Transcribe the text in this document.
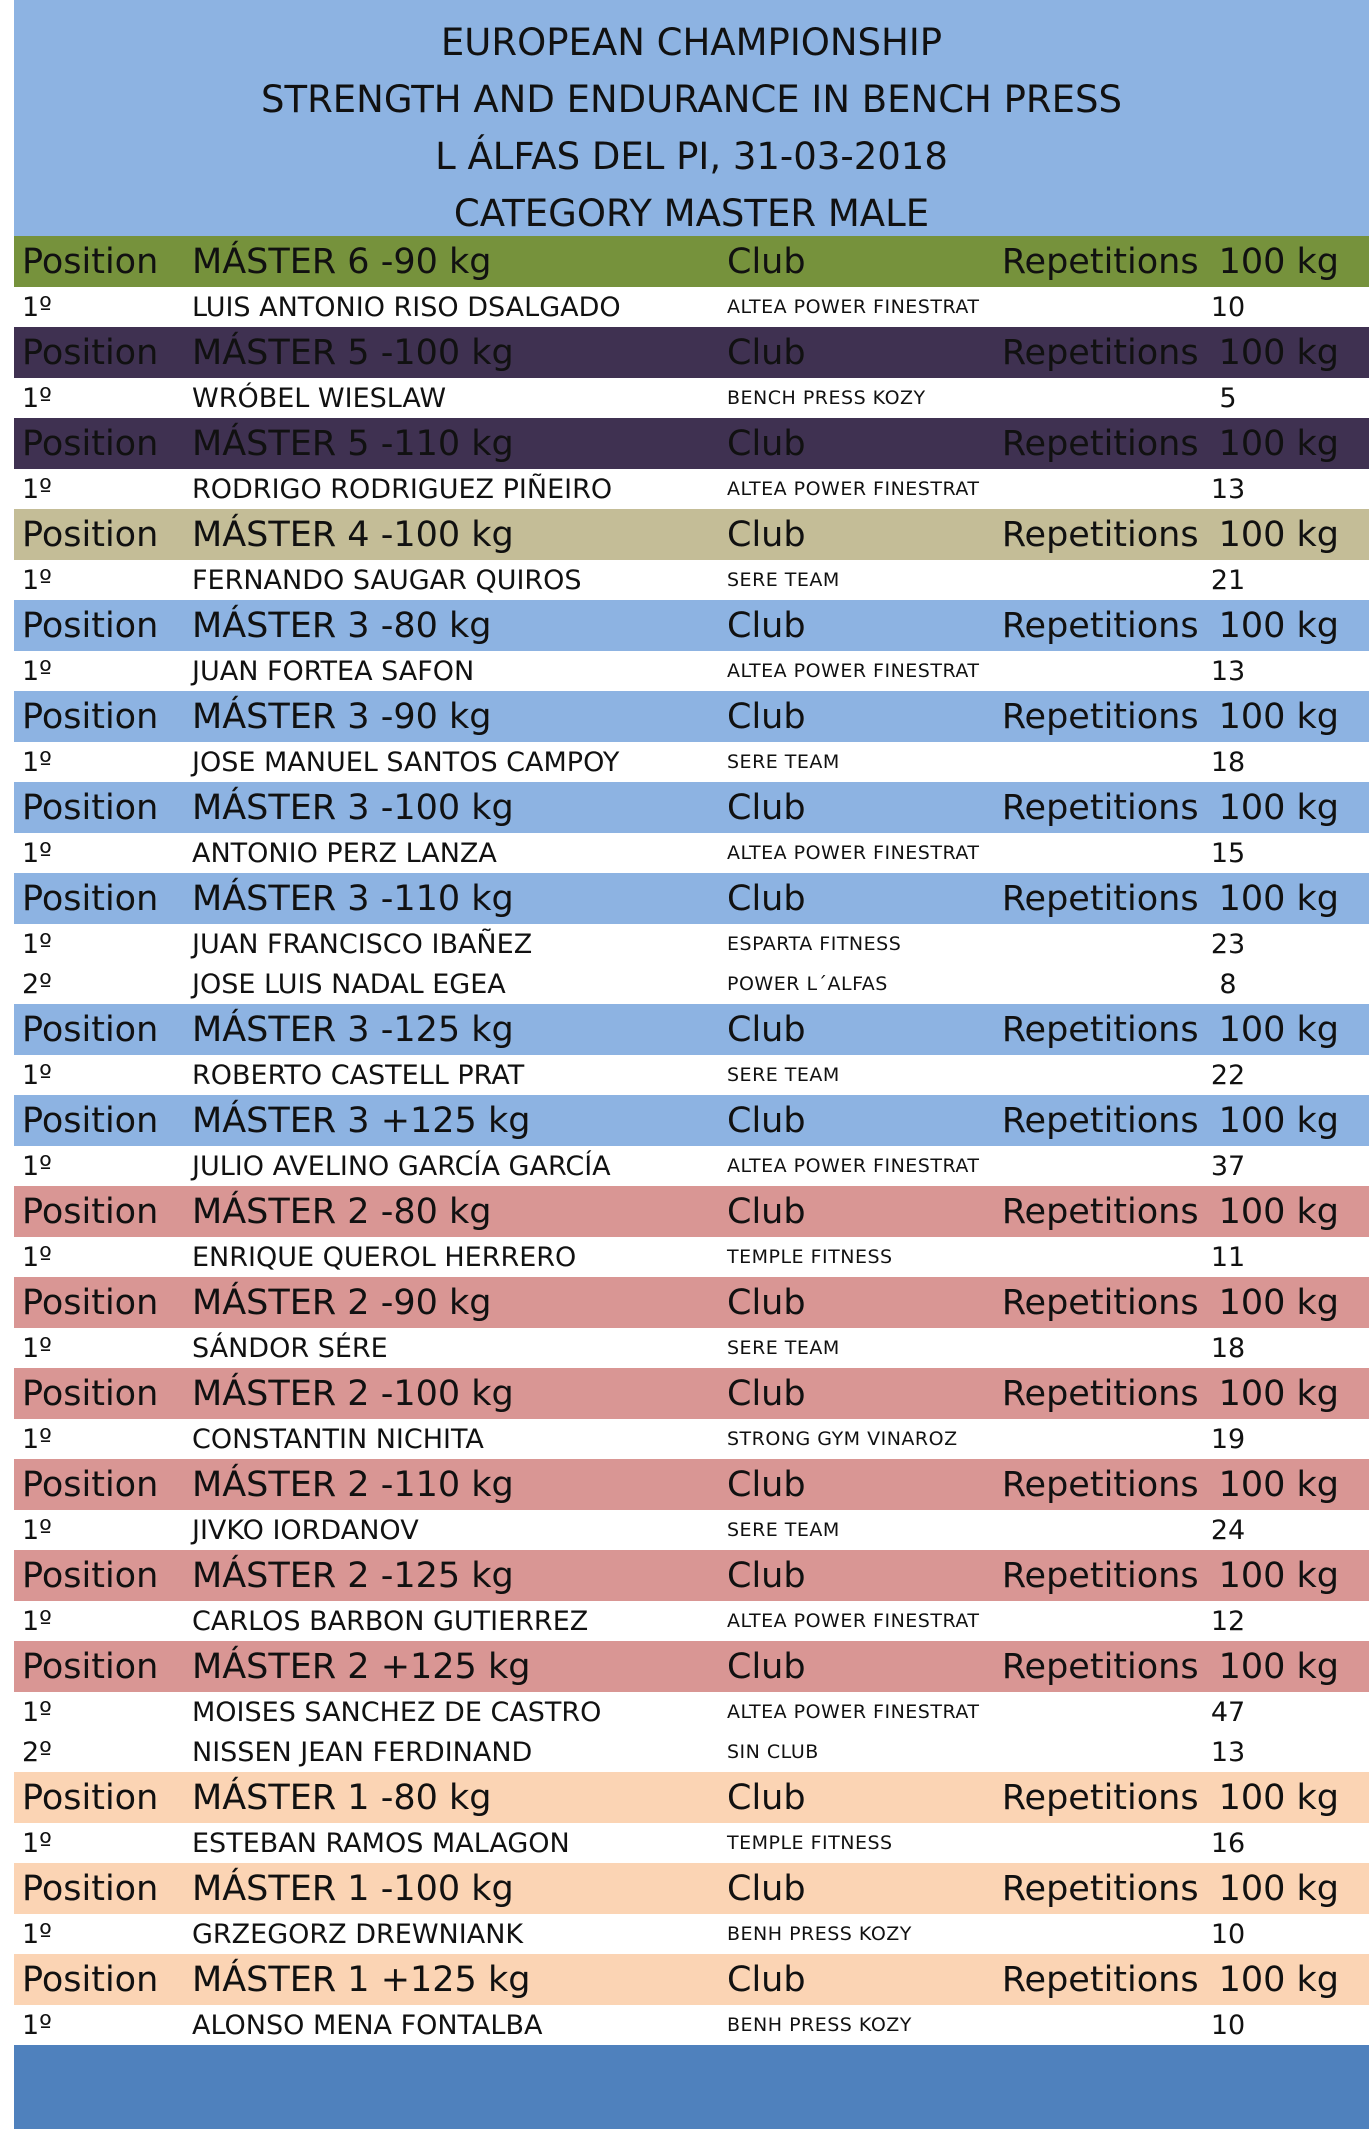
EUROPEAN CHAMPIONSHIP
STRENGTH AND ENDURANCE IN BENCH PRESS
L ÁLFAS DEL PI, 31-03-2018
CATEGORY MASTER MALE
Position MÁSTER 6 -90 kg	Club	Repetitions 100 kg
1º	LUIS ANTONIO RISO DSALGADO	ALTEA POWER FINESTRAT	10
Position MÁSTER 5 -100 kg	Club	Repetitions 100 kg
1º	WRÓBEL WIESLAW	BENCH PRESS KOZY	5
Position MÁSTER 5 -110 kg	Club	Repetitions 100 kg
1º	RODRIGO RODRIGUEZ PIÑEIRO	ALTEA POWER FINESTRAT	13
Position MÁSTER 4 -100 kg	Club	Repetitions 100 kg
1º	FERNANDO SAUGAR QUIROS	SERE TEAM	21
Position MÁSTER 3 -80 kg	Club	Repetitions 100 kg
1º	JUAN FORTEA SAFON	ALTEA POWER FINESTRAT	13
Position MÁSTER 3 -90 kg	Club	Repetitions 100 kg
1º	JOSE MANUEL SANTOS CAMPOY	SERE TEAM	18
Position MÁSTER 3 -100 kg	Club	Repetitions 100 kg
1º	ANTONIO PERZ LANZA	ALTEA POWER FINESTRAT	15
Position MÁSTER 3 -110 kg	Club	Repetitions 100 kg
1º	JUAN FRANCISCO IBAÑEZ	ESPARTA FITNESS	23
2º	JOSE LUIS NADAL EGEA	POWER L´ALFAS	8
Position MÁSTER 3 -125 kg	Club	Repetitions 100 kg
1º	ROBERTO CASTELL PRAT	SERE TEAM	22
Position MÁSTER 3 +125 kg	Club	Repetitions 100 kg
1º	JULIO AVELINO GARCÍA GARCÍA	ALTEA POWER FINESTRAT	37
Position MÁSTER 2 -80 kg	Club	Repetitions 100 kg
1º	ENRIQUE QUEROL HERRERO	TEMPLE FITNESS	11
Position MÁSTER 2 -90 kg	Club	Repetitions 100 kg
1º	SÁNDOR SÉRE	SERE TEAM	18
Position MÁSTER 2 -100 kg	Club	Repetitions 100 kg
1º	CONSTANTIN NICHITA	STRONG GYM VINAROZ	19
Position MÁSTER 2 -110 kg	Club	Repetitions 100 kg
1º	JIVKO IORDANOV	SERE TEAM	24
Position MÁSTER 2 -125 kg	Club	Repetitions 100 kg
1º	CARLOS BARBON GUTIERREZ	ALTEA POWER FINESTRAT	12
Position MÁSTER 2 +125 kg	Club	Repetitions 100 kg
1º	MOISES SANCHEZ DE CASTRO	ALTEA POWER FINESTRAT	47
2º	NISSEN JEAN FERDINAND	SIN CLUB	13
Position MÁSTER 1 -80 kg	Club	Repetitions 100 kg
1º	ESTEBAN RAMOS MALAGON	TEMPLE FITNESS	16
Position MÁSTER 1 -100 kg	Club	Repetitions 100 kg
1º	GRZEGORZ DREWNIANK	BENH PRESS KOZY	10
Position MÁSTER 1 +125 kg	Club	Repetitions 100 kg
1º	ALONSO MENA FONTALBA	BENH PRESS KOZY	10
